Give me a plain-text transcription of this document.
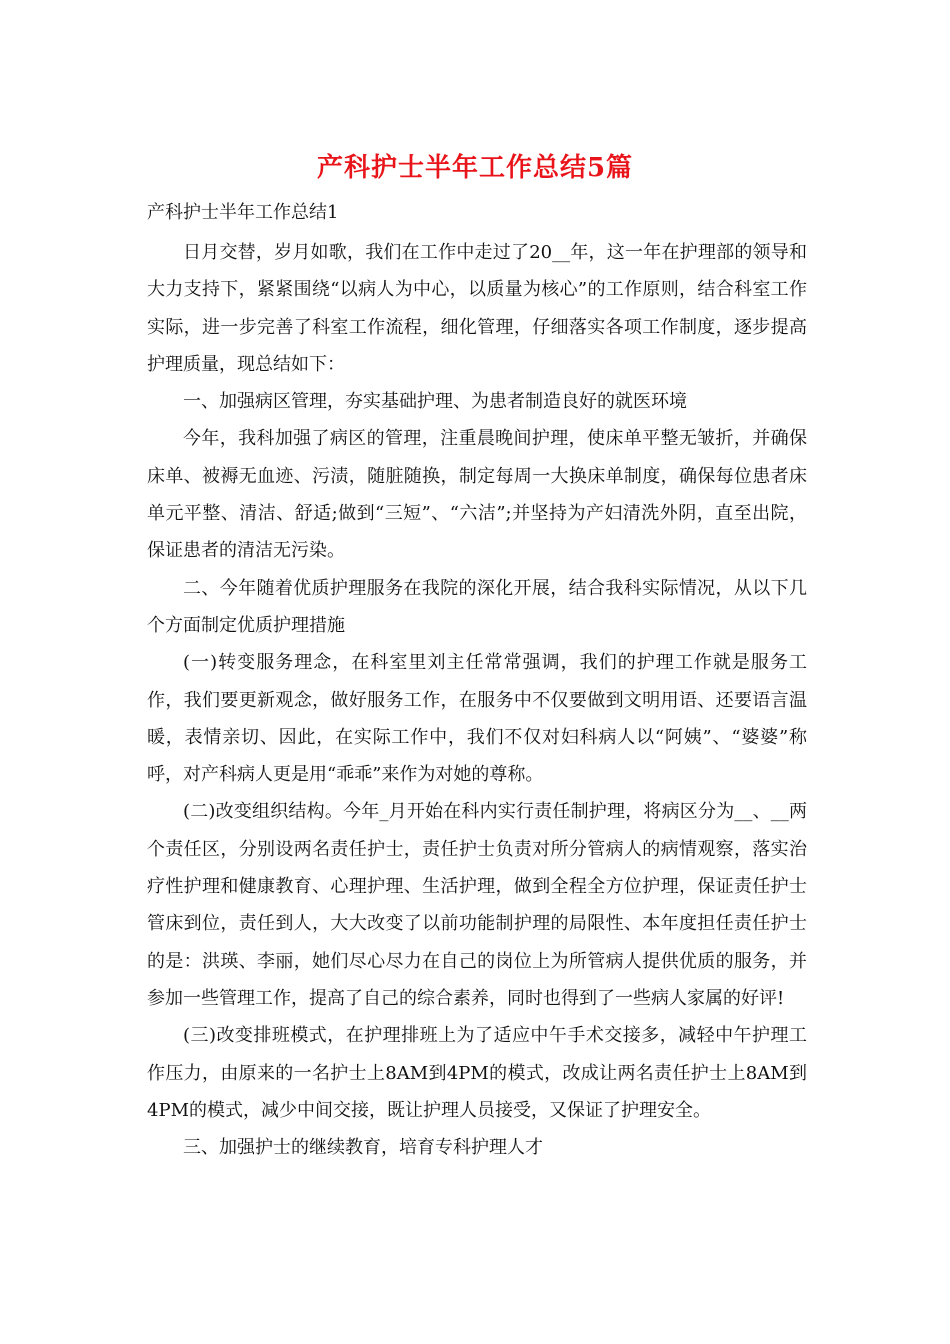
产科护士半年工作总结5篇
产科护士半年工作总结1

日月交替，岁月如歌，我们在工作中走过了20__年，这一年在护理部的领导和大力支持下，紧紧围绕“以病人为中心，以质量为核心”的工作原则，结合科室工作实际，进一步完善了科室工作流程，细化管理，仔细落实各项工作制度，逐步提高护理质量，现总结如下：

一、加强病区管理，夯实基础护理、为患者制造良好的就医环境

今年，我科加强了病区的管理，注重晨晚间护理，使床单平整无皱折，并确保床单、被褥无血迹、污渍，随脏随换，制定每周一大换床单制度，确保每位患者床单元平整、清洁、舒适;做到“三短”、“六洁”;并坚持为产妇清洗外阴，直至出院，保证患者的清洁无污染。

二、今年随着优质护理服务在我院的深化开展，结合我科实际情况，从以下几个方面制定优质护理措施

(一)转变服务理念，在科室里刘主任常常强调，我们的护理工作就是服务工作，我们要更新观念，做好服务工作，在服务中不仅要做到文明用语、还要语言温暖，表情亲切、因此，在实际工作中，我们不仅对妇科病人以“阿姨”、“婆婆”称呼，对产科病人更是用“乖乖”来作为对她的尊称。

(二)改变组织结构。今年_月开始在科内实行责任制护理，将病区分为__、__两个责任区，分别设两名责任护士，责任护士负责对所分管病人的病情观察，落实治疗性护理和健康教育、心理护理、生活护理，做到全程全方位护理，保证责任护士管床到位，责任到人，大大改变了以前功能制护理的局限性、本年度担任责任护士的是：洪瑛、李丽，她们尽心尽力在自己的岗位上为所管病人提供优质的服务，并参加一些管理工作，提高了自己的综合素养，同时也得到了一些病人家属的好评!

(三)改变排班模式，在护理排班上为了适应中午手术交接多，减轻中午护理工作压力，由原来的一名护士上8AM到4PM的模式，改成让两名责任护士上8AM到4PM的模式，减少中间交接，既让护理人员接受，又保证了护理安全。

三、加强护士的继续教育，培育专科护理人才
